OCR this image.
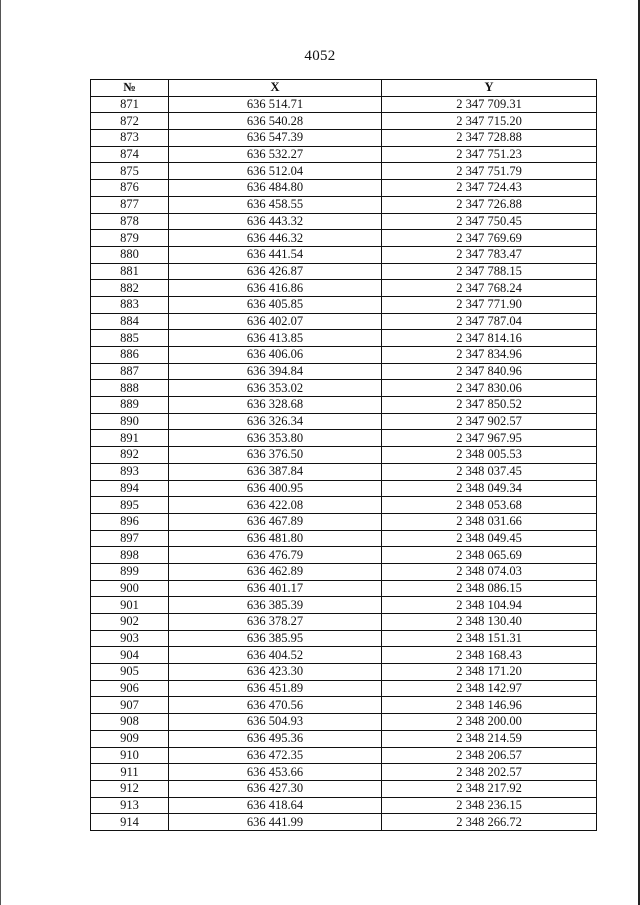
4052
№	X	Y
871	636 514.71	2 347 709.31
872	636 540.28	2 347 715.20
873	636 547.39	2 347 728.88
874	636 532.27	2 347 751.23
875	636 512.04	2 347 751.79
876	636 484.80	2 347 724.43
877	636 458.55	2 347 726.88
878	636 443.32	2 347 750.45
879	636 446.32	2 347 769.69
880	636 441.54	2 347 783.47
881	636 426.87	2 347 788.15
882	636 416.86	2 347 768.24
883	636 405.85	2 347 771.90
884	636 402.07	2 347 787.04
885	636 413.85	2 347 814.16
886	636 406.06	2 347 834.96
887	636 394.84	2 347 840.96
888	636 353.02	2 347 830.06
889	636 328.68	2 347 850.52
890	636 326.34	2 347 902.57
891	636 353.80	2 347 967.95
892	636 376.50	2 348 005.53
893	636 387.84	2 348 037.45
894	636 400.95	2 348 049.34
895	636 422.08	2 348 053.68
896	636 467.89	2 348 031.66
897	636 481.80	2 348 049.45
898	636 476.79	2 348 065.69
899	636 462.89	2 348 074.03
900	636 401.17	2 348 086.15
901	636 385.39	2 348 104.94
902	636 378.27	2 348 130.40
903	636 385.95	2 348 151.31
904	636 404.52	2 348 168.43
905	636 423.30	2 348 171.20
906	636 451.89	2 348 142.97
907	636 470.56	2 348 146.96
908	636 504.93	2 348 200.00
909	636 495.36	2 348 214.59
910	636 472.35	2 348 206.57
911	636 453.66	2 348 202.57
912	636 427.30	2 348 217.92
913	636 418.64	2 348 236.15
914	636 441.99	2 348 266.72
